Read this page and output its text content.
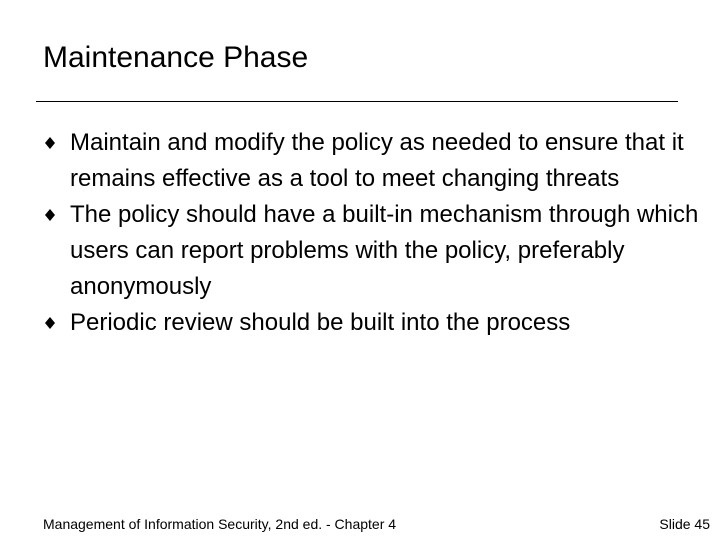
Maintenance Phase
Maintain and modify the policy as needed to ensure that it remains effective as a tool to meet changing threats
The policy should have a built-in mechanism through which users can report problems with the policy, preferably anonymously
Periodic review should be built into the process
Management of Information Security, 2nd ed. - Chapter 4	Slide 45
